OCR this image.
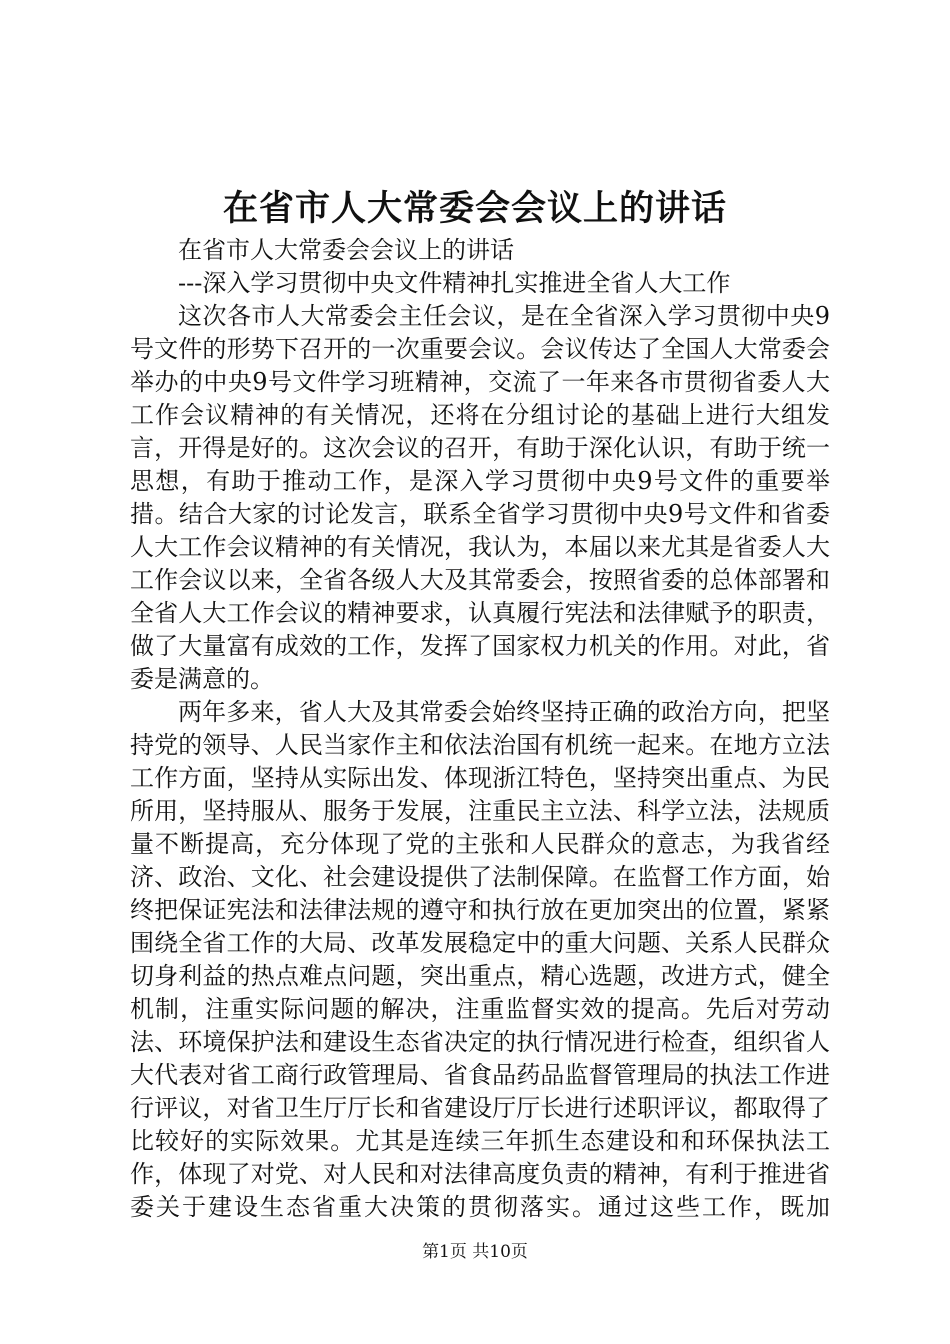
在省市人大常委会会议上的讲话

在省市人大常委会会议上的讲话

---深入学习贯彻中央文件精神扎实推进全省人大工作

这次各市人大常委会主任会议，是在全省深入学习贯彻中央9号文件的形势下召开的一次重要会议。会议传达了全国人大常委会举办的中央9号文件学习班精神，交流了一年来各市贯彻省委人大工作会议精神的有关情况，还将在分组讨论的基础上进行大组发言，开得是好的。这次会议的召开，有助于深化认识，有助于统一思想，有助于推动工作，是深入学习贯彻中央9号文件的重要举措。结合大家的讨论发言，联系全省学习贯彻中央9号文件和省委人大工作会议精神的有关情况，我认为，本届以来尤其是省委人大工作会议以来，全省各级人大及其常委会，按照省委的总体部署和全省人大工作会议的精神要求，认真履行宪法和法律赋予的职责，做了大量富有成效的工作，发挥了国家权力机关的作用。对此，省委是满意的。

两年多来，省人大及其常委会始终坚持正确的政治方向，把坚持党的领导、人民当家作主和依法治国有机统一起来。在地方立法工作方面，坚持从实际出发、体现浙江特色，坚持突出重点、为民所用，坚持服从、服务于发展，注重民主立法、科学立法，法规质量不断提高，充分体现了党的主张和人民群众的意志，为我省经济、政治、文化、社会建设提供了法制保障。在监督工作方面，始终把保证宪法和法律法规的遵守和执行放在更加突出的位置，紧紧围绕全省工作的大局、改革发展稳定中的重大问题、关系人民群众切身利益的热点难点问题，突出重点，精心选题，改进方式，健全机制，注重实际问题的解决，注重监督实效的提高。先后对劳动法、环境保护法和建设生态省决定的执行情况进行检查，组织省人大代表对省工商行政管理局、省食品药品监督管理局的执法工作进行评议，对省卫生厅厅长和省建设厅厅长进行述职评议，都取得了比较好的实际效果。尤其是连续三年抓生态建设和和环保执法工作，体现了对党、对人民和对法律高度负责的精神，有利于推进省委关于建设生态省重大决策的贯彻落实。通过这些工作，既加

第1页 共10页
